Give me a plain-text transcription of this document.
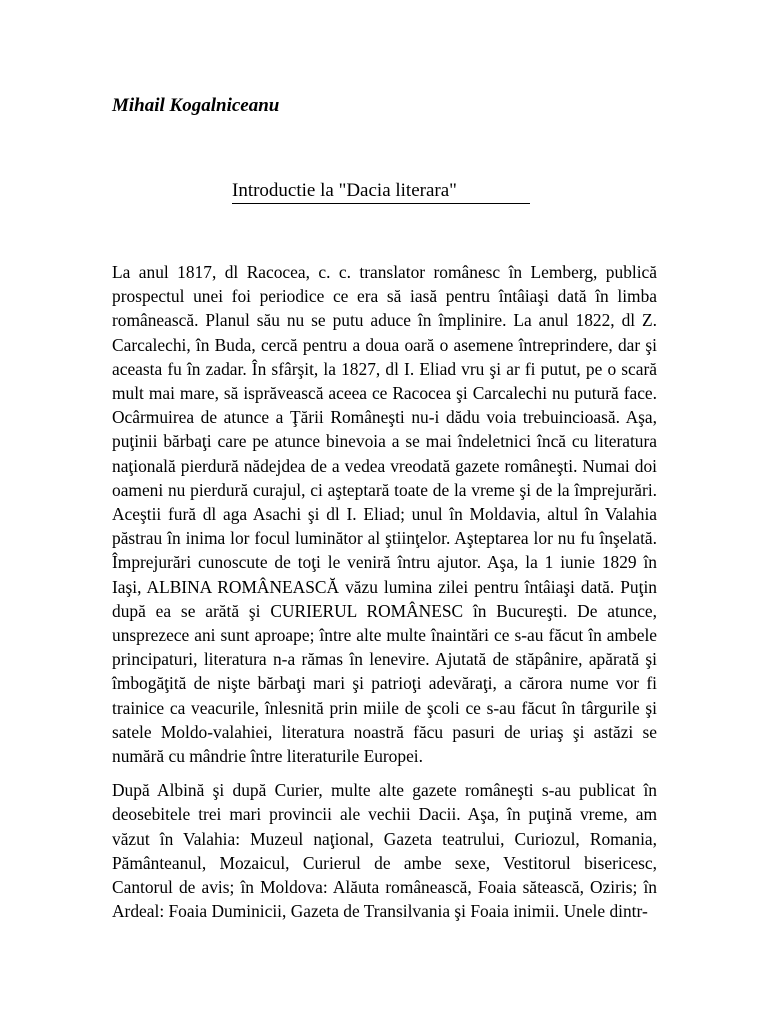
Mihail Kogalniceanu
Introductie la "Dacia literara"

La anul 1817, dl Racocea, c. c. translator românesc în Lemberg, publică prospectul unei foi periodice ce era să iasă pentru întâiaşi dată în limba românească. Planul său nu se putu aduce în împlinire. La anul 1822, dl Z. Carcalechi, în Buda, cercă pentru a doua oară o asemene întreprindere, dar şi aceasta fu în zadar. În sfârşit, la 1827, dl I. Eliad vru şi ar fi putut, pe o scară mult mai mare, să isprăvească aceea ce Racocea şi Carcalechi nu putură face. Ocârmuirea de atunce a Ţării Româneşti nu-i dădu voia trebuincioasă. Aşa, puţinii bărbaţi care pe atunce binevoia a se mai îndeletnici încă cu literatura naţională pierdură nădejdea de a vedea vreodată gazete româneşti. Numai doi oameni nu pierdură curajul, ci aşteptară toate de la vreme şi de la împrejurări. Aceştii fură dl aga Asachi şi dl I. Eliad; unul în Moldavia, altul în Valahia păstrau în inima lor focul luminător al ştiinţelor. Aşteptarea lor nu fu înşelată. Împrejurări cunoscute de toţi le veniră întru ajutor. Aşa, la 1 iunie 1829 în Iaşi, ALBINA ROMÂNEASCĂ văzu lumina zilei pentru întâiaşi dată. Puţin după ea se arătă şi CURIERUL ROMÂNESC în Bucureşti. De atunce, unsprezece ani sunt aproape; între alte multe înaintări ce s-au făcut în ambele principaturi, literatura n-a rămas în lenevire. Ajutată de stăpânire, apărată şi îmbogăţită de nişte bărbaţi mari şi patrioţi adevăraţi, a cărora nume vor fi trainice ca veacurile, înlesnită prin miile de şcoli ce s-au făcut în târgurile şi satele Moldo-valahiei, literatura noastră făcu pasuri de uriaş şi astăzi se numără cu mândrie între literaturile Europei.

După Albină şi după Curier, multe alte gazete româneşti s-au publicat în deosebitele trei mari provincii ale vechii Dacii. Aşa, în puţină vreme, am văzut în Valahia: Muzeul naţional, Gazeta teatrului, Curiozul, Romania, Pământeanul, Mozaicul, Curierul de ambe sexe, Vestitorul bisericesc, Cantorul de avis; în Moldova: Alăuta românească, Foaia sătească, Oziris; în Ardeal: Foaia Duminicii, Gazeta de Transilvania şi Foaia inimii. Unele dintr-
